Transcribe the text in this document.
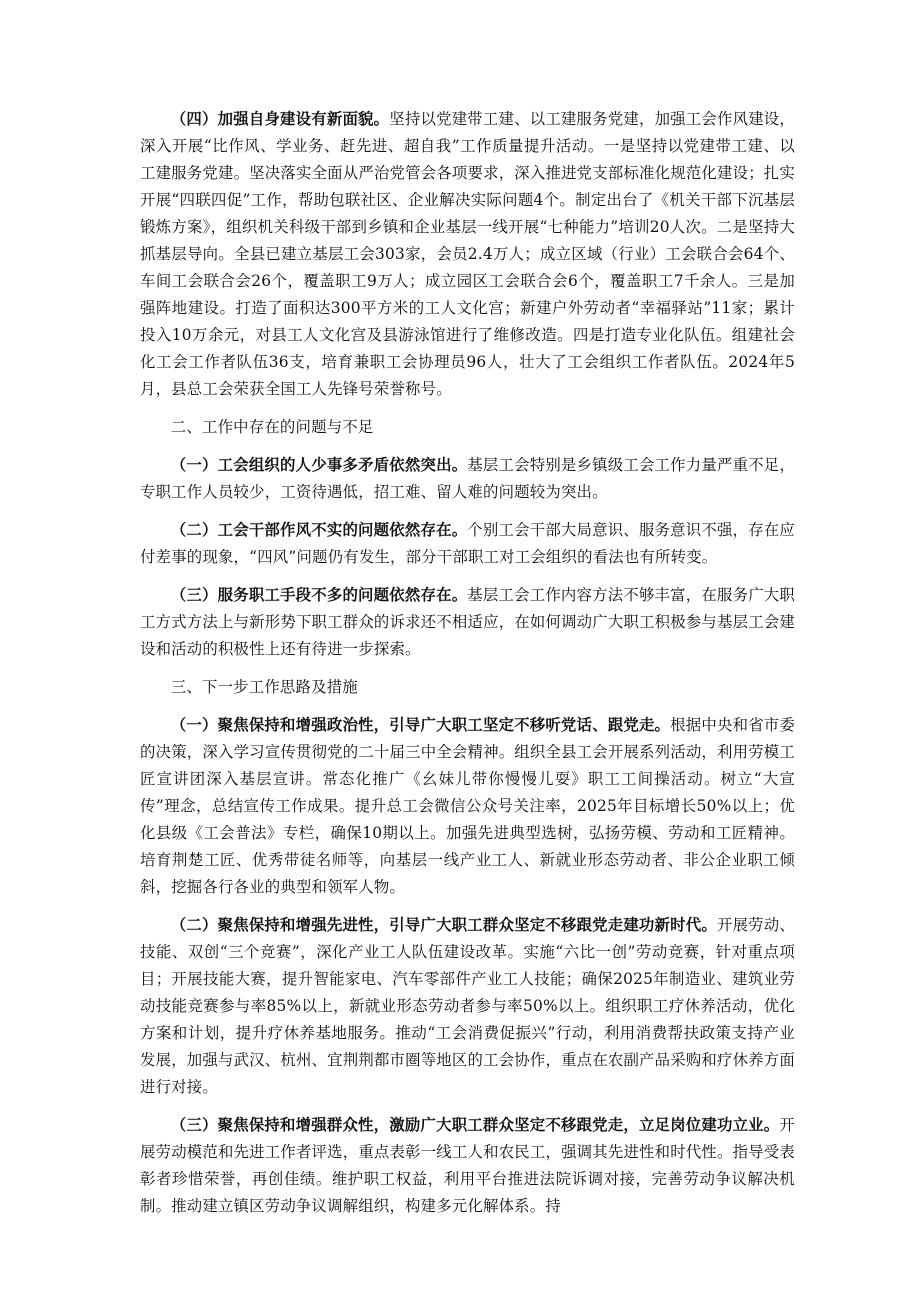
（四）加强自身建设有新面貌。坚持以党建带工建、以工建服务党建，加强工会作风建设，深入开展“比作风、学业务、赶先进、超自我”工作质量提升活动。一是坚持以党建带工建、以工建服务党建。坚决落实全面从严治党管会各项要求，深入推进党支部标准化规范化建设；扎实开展“四联四促”工作，帮助包联社区、企业解决实际问题4个。制定出台了《机关干部下沉基层锻炼方案》，组织机关科级干部到乡镇和企业基层一线开展“七种能力”培训20人次。二是坚持大抓基层导向。全县已建立基层工会303家，会员2.4万人；成立区域（行业）工会联合会64个、车间工会联合会26个，覆盖职工9万人；成立园区工会联合会6个，覆盖职工7千余人。三是加强阵地建设。打造了面积达300平方米的工人文化宫；新建户外劳动者“幸福驿站”11家；累计投入10万余元，对县工人文化宫及县游泳馆进行了维修改造。四是打造专业化队伍。组建社会化工会工作者队伍36支，培育兼职工会协理员96人，壮大了工会组织工作者队伍。2024年5月，县总工会荣获全国工人先锋号荣誉称号。

二、工作中存在的问题与不足

（一）工会组织的人少事多矛盾依然突出。基层工会特别是乡镇级工会工作力量严重不足，专职工作人员较少，工资待遇低，招工难、留人难的问题较为突出。

（二）工会干部作风不实的问题依然存在。个别工会干部大局意识、服务意识不强，存在应付差事的现象，“四风”问题仍有发生，部分干部职工对工会组织的看法也有所转变。

（三）服务职工手段不多的问题依然存在。基层工会工作内容方法不够丰富，在服务广大职工方式方法上与新形势下职工群众的诉求还不相适应，在如何调动广大职工积极参与基层工会建设和活动的积极性上还有待进一步探索。

三、下一步工作思路及措施

（一）聚焦保持和增强政治性，引导广大职工坚定不移听党话、跟党走。根据中央和省市委的决策，深入学习宣传贯彻党的二十届三中全会精神。组织全县工会开展系列活动，利用劳模工匠宣讲团深入基层宣讲。常态化推广《幺妹儿带你慢慢儿耍》职工工间操活动。树立“大宣传”理念，总结宣传工作成果。提升总工会微信公众号关注率，2025年目标增长50%以上；优化县级《工会普法》专栏，确保10期以上。加强先进典型选树，弘扬劳模、劳动和工匠精神。培育荆楚工匠、优秀带徒名师等，向基层一线产业工人、新就业形态劳动者、非公企业职工倾斜，挖掘各行各业的典型和领军人物。

（二）聚焦保持和增强先进性，引导广大职工群众坚定不移跟党走建功新时代。开展劳动、技能、双创“三个竞赛”，深化产业工人队伍建设改革。实施“六比一创”劳动竞赛，针对重点项目；开展技能大赛，提升智能家电、汽车零部件产业工人技能；确保2025年制造业、建筑业劳动技能竞赛参与率85%以上，新就业形态劳动者参与率50%以上。组织职工疗休养活动，优化方案和计划，提升疗休养基地服务。推动“工会消费促振兴”行动，利用消费帮扶政策支持产业发展，加强与武汉、杭州、宜荆荆都市圈等地区的工会协作，重点在农副产品采购和疗休养方面进行对接。

（三）聚焦保持和增强群众性，激励广大职工群众坚定不移跟党走，立足岗位建功立业。开展劳动模范和先进工作者评选，重点表彰一线工人和农民工，强调其先进性和时代性。指导受表彰者珍惜荣誉，再创佳绩。维护职工权益，利用平台推进法院诉调对接，完善劳动争议解决机制。推动建立镇区劳动争议调解组织，构建多元化解体系。持
